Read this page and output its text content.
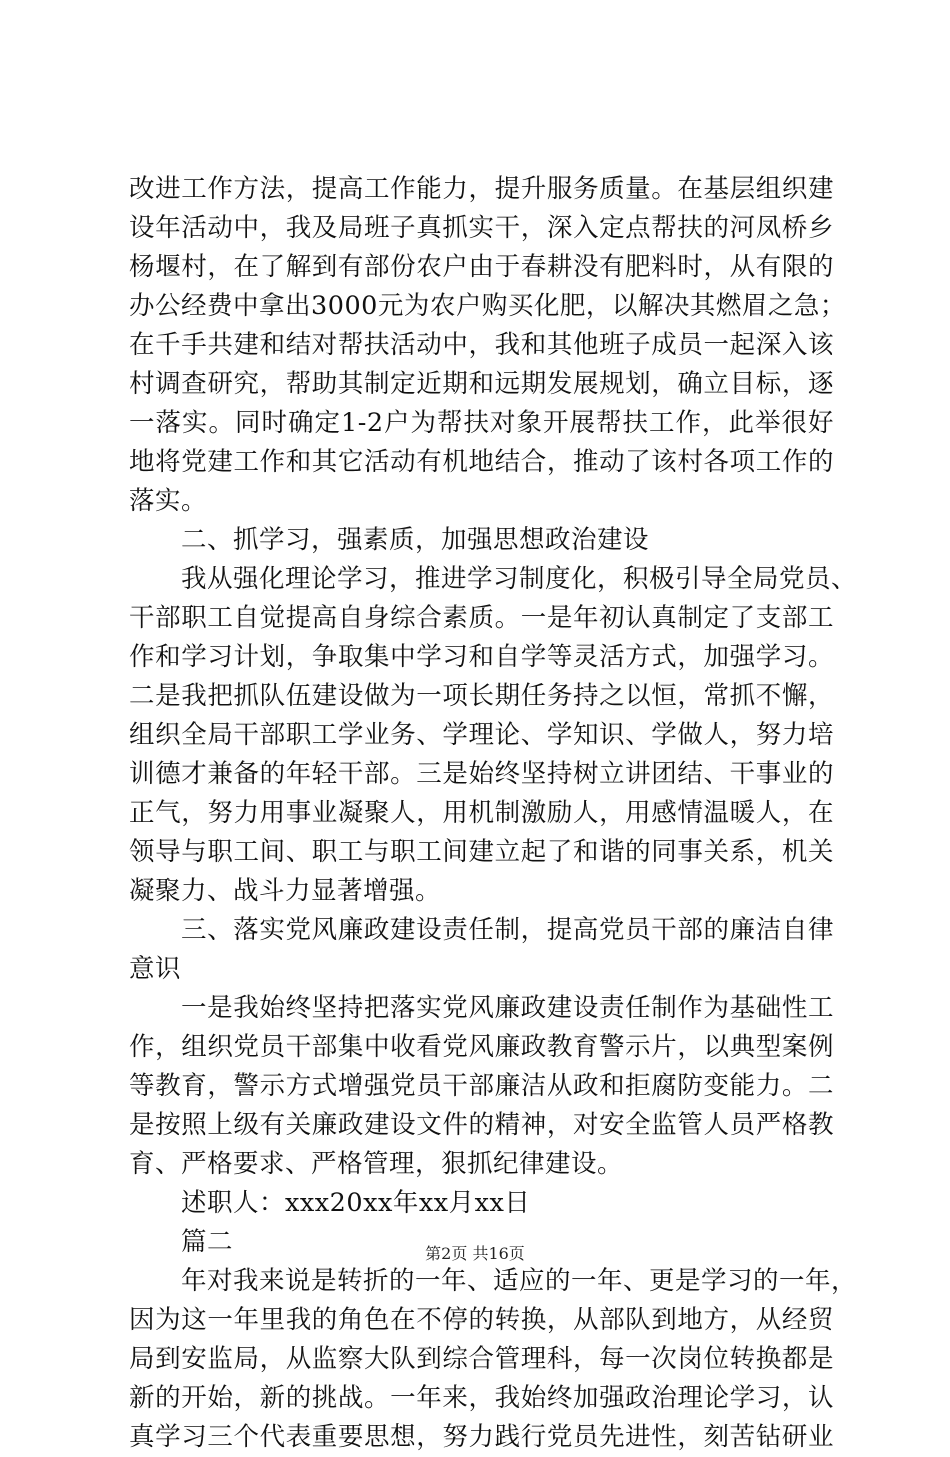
改进工作方法，提高工作能力，提升服务质量。在基层组织建
设年活动中，我及局班子真抓实干，深入定点帮扶的河凤桥乡
杨堰村，在了解到有部份农户由于春耕没有肥料时，从有限的
办公经费中拿出3000元为农户购买化肥，以解决其燃眉之急；
在千手共建和结对帮扶活动中，我和其他班子成员一起深入该
村调查研究，帮助其制定近期和远期发展规划，确立目标，逐
一落实。同时确定1-2户为帮扶对象开展帮扶工作，此举很好
地将党建工作和其它活动有机地结合，推动了该村各项工作的
落实。
二、抓学习，强素质，加强思想政治建设
我从强化理论学习，推进学习制度化，积极引导全局党员、
干部职工自觉提高自身综合素质。一是年初认真制定了支部工
作和学习计划，争取集中学习和自学等灵活方式，加强学习。
二是我把抓队伍建设做为一项长期任务持之以恒，常抓不懈，
组织全局干部职工学业务、学理论、学知识、学做人，努力培
训德才兼备的年轻干部。三是始终坚持树立讲团结、干事业的
正气，努力用事业凝聚人，用机制激励人，用感情温暖人，在
领导与职工间、职工与职工间建立起了和谐的同事关系，机关
凝聚力、战斗力显著增强。
三、落实党风廉政建设责任制，提高党员干部的廉洁自律
意识
一是我始终坚持把落实党风廉政建设责任制作为基础性工
作，组织党员干部集中收看党风廉政教育警示片，以典型案例
等教育，警示方式增强党员干部廉洁从政和拒腐防变能力。二
是按照上级有关廉政建设文件的精神，对安全监管人员严格教
育、严格要求、严格管理，狠抓纪律建设。
述职人：xxx20xx年xx月xx日
篇二
年对我来说是转折的一年、适应的一年、更是学习的一年，
因为这一年里我的角色在不停的转换，从部队到地方，从经贸
局到安监局，从监察大队到综合管理科，每一次岗位转换都是
新的开始，新的挑战。一年来，我始终加强政治理论学习，认
真学习三个代表重要思想，努力践行党员先进性，刻苦钻研业
第2页 共16页
